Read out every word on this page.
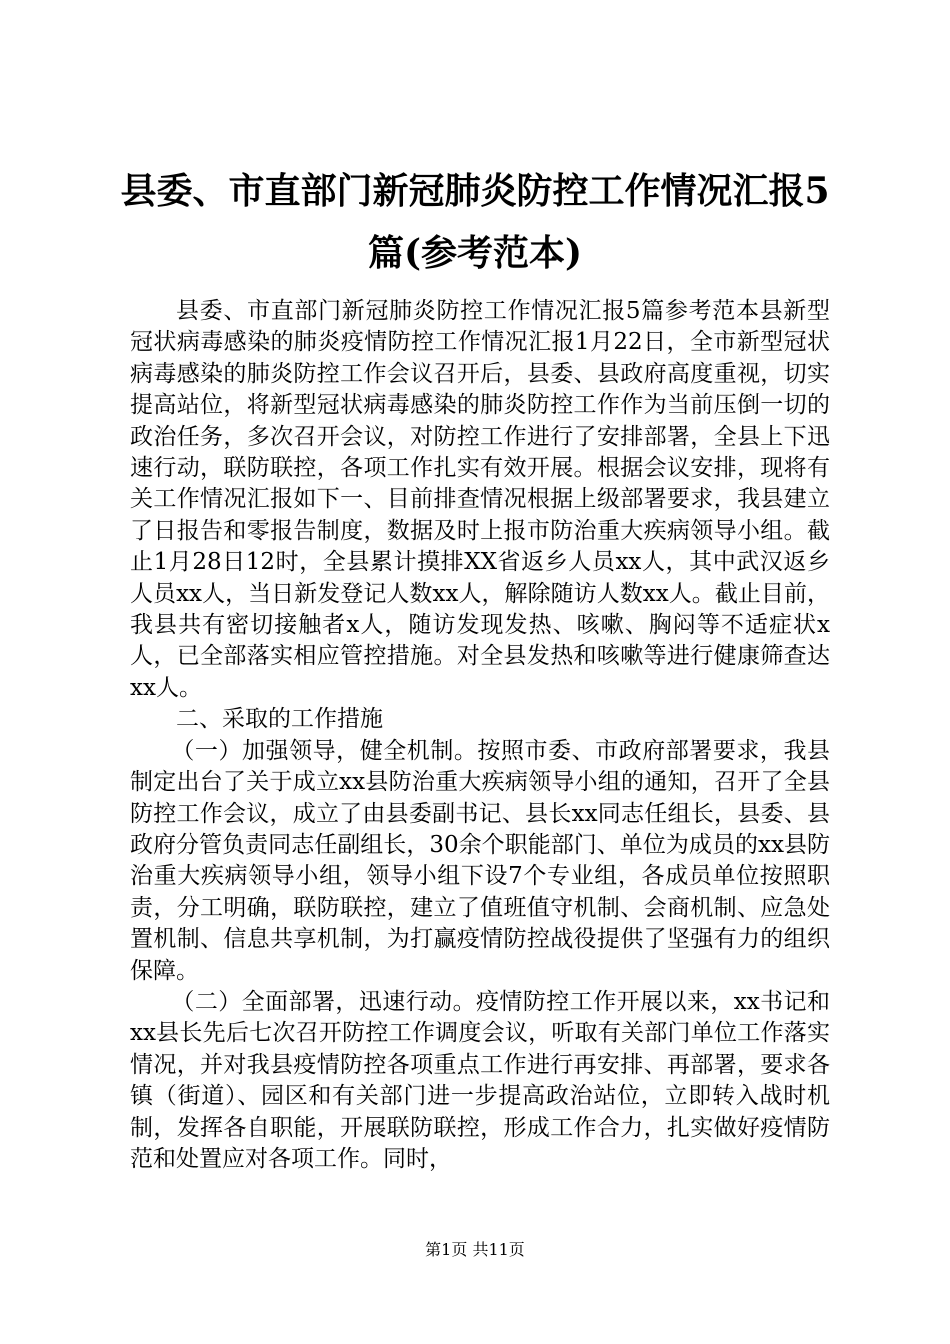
县委、市直部门新冠肺炎防控工作情况汇报5篇(参考范本)

县委、市直部门新冠肺炎防控工作情况汇报5篇参考范本县新型冠状病毒感染的肺炎疫情防控工作情况汇报1月22日，全市新型冠状病毒感染的肺炎防控工作会议召开后，县委、县政府高度重视，切实提高站位，将新型冠状病毒感染的肺炎防控工作作为当前压倒一切的政治任务，多次召开会议，对防控工作进行了安排部署，全县上下迅速行动，联防联控，各项工作扎实有效开展。根据会议安排，现将有关工作情况汇报如下一、目前排查情况根据上级部署要求，我县建立了日报告和零报告制度，数据及时上报市防治重大疾病领导小组。截止1月28日12时，全县累计摸排XX省返乡人员xx人，其中武汉返乡人员xx人，当日新发登记人数xx人，解除随访人数xx人。截止目前，我县共有密切接触者x人，随访发现发热、咳嗽、胸闷等不适症状x人，已全部落实相应管控措施。对全县发热和咳嗽等进行健康筛查达xx人。

二、采取的工作措施

（一）加强领导，健全机制。按照市委、市政府部署要求，我县制定出台了关于成立xx县防治重大疾病领导小组的通知，召开了全县防控工作会议，成立了由县委副书记、县长xx同志任组长，县委、县政府分管负责同志任副组长，30余个职能部门、单位为成员的xx县防治重大疾病领导小组，领导小组下设7个专业组，各成员单位按照职责，分工明确，联防联控，建立了值班值守机制、会商机制、应急处置机制、信息共享机制，为打赢疫情防控战役提供了坚强有力的组织保障。

（二）全面部署，迅速行动。疫情防控工作开展以来，xx书记和xx县长先后七次召开防控工作调度会议，听取有关部门单位工作落实情况，并对我县疫情防控各项重点工作进行再安排、再部署，要求各镇（街道）、园区和有关部门进一步提高政治站位，立即转入战时机制，发挥各自职能，开展联防联控，形成工作合力，扎实做好疫情防范和处置应对各项工作。同时，

第1页 共11页
